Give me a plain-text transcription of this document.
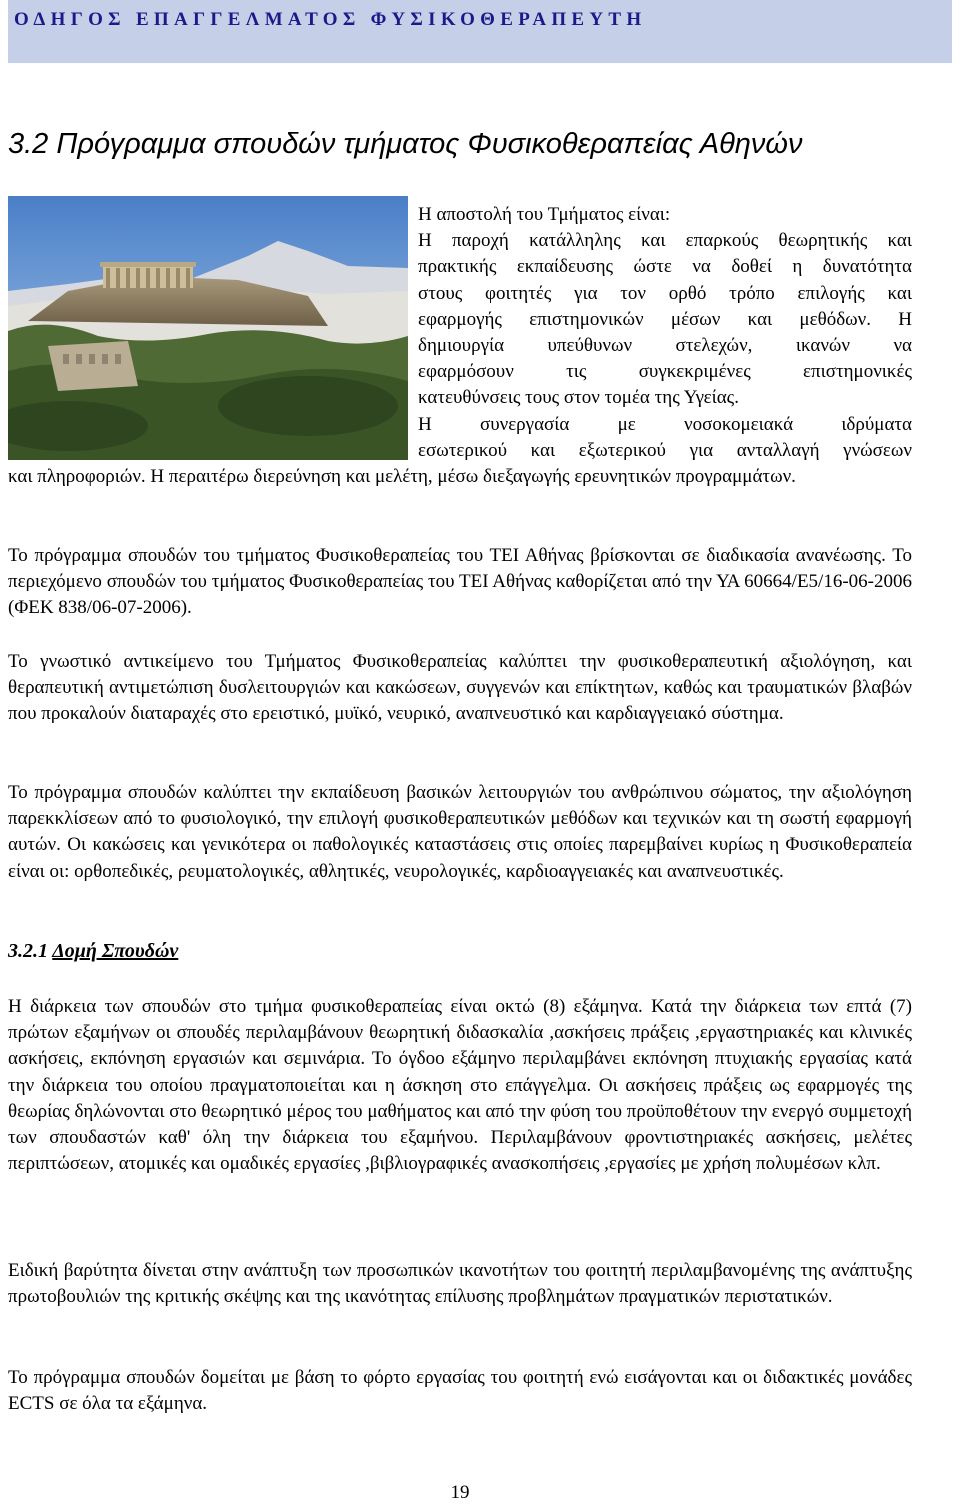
ΟΔΗΓΟΣ ΕΠΑΓΓΕΛΜΑΤΟΣ ΦΥΣΙΚΟΘΕΡΑΠΕΥΤΗ
3.2 Πρόγραμμα σπουδών τμήματος Φυσικοθεραπείας Αθηνών

Η αποστολή του Τμήματος είναι:

Η παροχή κατάλληλης και επαρκούς θεωρητικής και

πρακτικής εκπαίδευσης ώστε να δοθεί η δυνατότητα

στους φοιτητές για τον ορθό τρόπο επιλογής και

εφαρμογής επιστημονικών μέσων και μεθόδων. Η

δημιουργία υπεύθυνων στελεχών, ικανών να

εφαρμόσουν τις συγκεκριμένες επιστημονικές

κατευθύνσεις τους στον τομέα της Υγείας.

Η συνεργασία με νοσοκομειακά ιδρύματα

εσωτερικού και εξωτερικού για ανταλλαγή γνώσεων

και πληροφοριών. Η περαιτέρω διερεύνηση και μελέτη, μέσω διεξαγωγής ερευνητικών προγραμμάτων.

Το πρόγραμμα σπουδών του τμήματος Φυσικοθεραπείας του ΤΕΙ Αθήνας βρίσκονται σε διαδικασία ανανέωσης. Το περιεχόμενο σπουδών του τμήματος Φυσικοθεραπείας του ΤΕΙ Αθήνας καθορίζεται από την ΥΑ 60664/Ε5/16-06-2006 (ΦΕΚ 838/06-07-2006).

Το γνωστικό αντικείμενο του Τμήματος Φυσικοθεραπείας καλύπτει την φυσικοθεραπευτική αξιολόγηση, και θεραπευτική αντιμετώπιση δυσλειτουργιών και κακώσεων, συγγενών και επίκτητων, καθώς και τραυματικών βλαβών που προκαλούν διαταραχές στο ερειστικό, μυϊκό, νευρικό, αναπνευστικό και καρδιαγγειακό σύστημα.

Το πρόγραμμα σπουδών καλύπτει την εκπαίδευση βασικών λειτουργιών του ανθρώπινου σώματος, την αξιολόγηση παρεκκλίσεων από το φυσιολογικό, την επιλογή φυσικοθεραπευτικών μεθόδων και τεχνικών και τη σωστή εφαρμογή αυτών. Οι κακώσεις και γενικότερα οι παθολογικές καταστάσεις στις οποίες παρεμβαίνει κυρίως η Φυσικοθεραπεία είναι οι: ορθοπεδικές, ρευματολογικές, αθλητικές, νευρολογικές, καρδιοαγγειακές και αναπνευστικές.

3.2.1 Δομή Σπουδών

Η διάρκεια των σπουδών στο τμήμα φυσικοθεραπείας είναι οκτώ (8) εξάμηνα. Κατά την διάρκεια των επτά (7) πρώτων εξαμήνων οι σπουδές περιλαμβάνουν θεωρητική διδασκαλία ,ασκήσεις πράξεις ,εργαστηριακές και κλινικές ασκήσεις, εκπόνηση εργασιών και σεμινάρια. Το όγδοο εξάμηνο περιλαμβάνει εκπόνηση πτυχιακής εργασίας κατά την διάρκεια του οποίου πραγματοποιείται και η άσκηση στο επάγγελμα. Οι ασκήσεις πράξεις ως εφαρμογές της θεωρίας δηλώνονται στο θεωρητικό μέρος του μαθήματος και από την φύση του προϋποθέτουν την ενεργό συμμετοχή των σπουδαστών καθ' όλη την διάρκεια του εξαμήνου. Περιλαμβάνουν φροντιστηριακές ασκήσεις, μελέτες περιπτώσεων, ατομικές και ομαδικές εργασίες ,βιβλιογραφικές ανασκοπήσεις ,εργασίες με χρήση πολυμέσων κλπ.

Ειδική βαρύτητα δίνεται στην ανάπτυξη των προσωπικών ικανοτήτων του φοιτητή περιλαμβανομένης της ανάπτυξης πρωτοβουλιών της κριτικής σκέψης και της ικανότητας επίλυσης προβλημάτων πραγματικών περιστατικών.

Το πρόγραμμα σπουδών δομείται με βάση το φόρτο εργασίας του φοιτητή ενώ εισάγονται και οι διδακτικές μονάδες ECTS σε όλα τα εξάμηνα.

19
